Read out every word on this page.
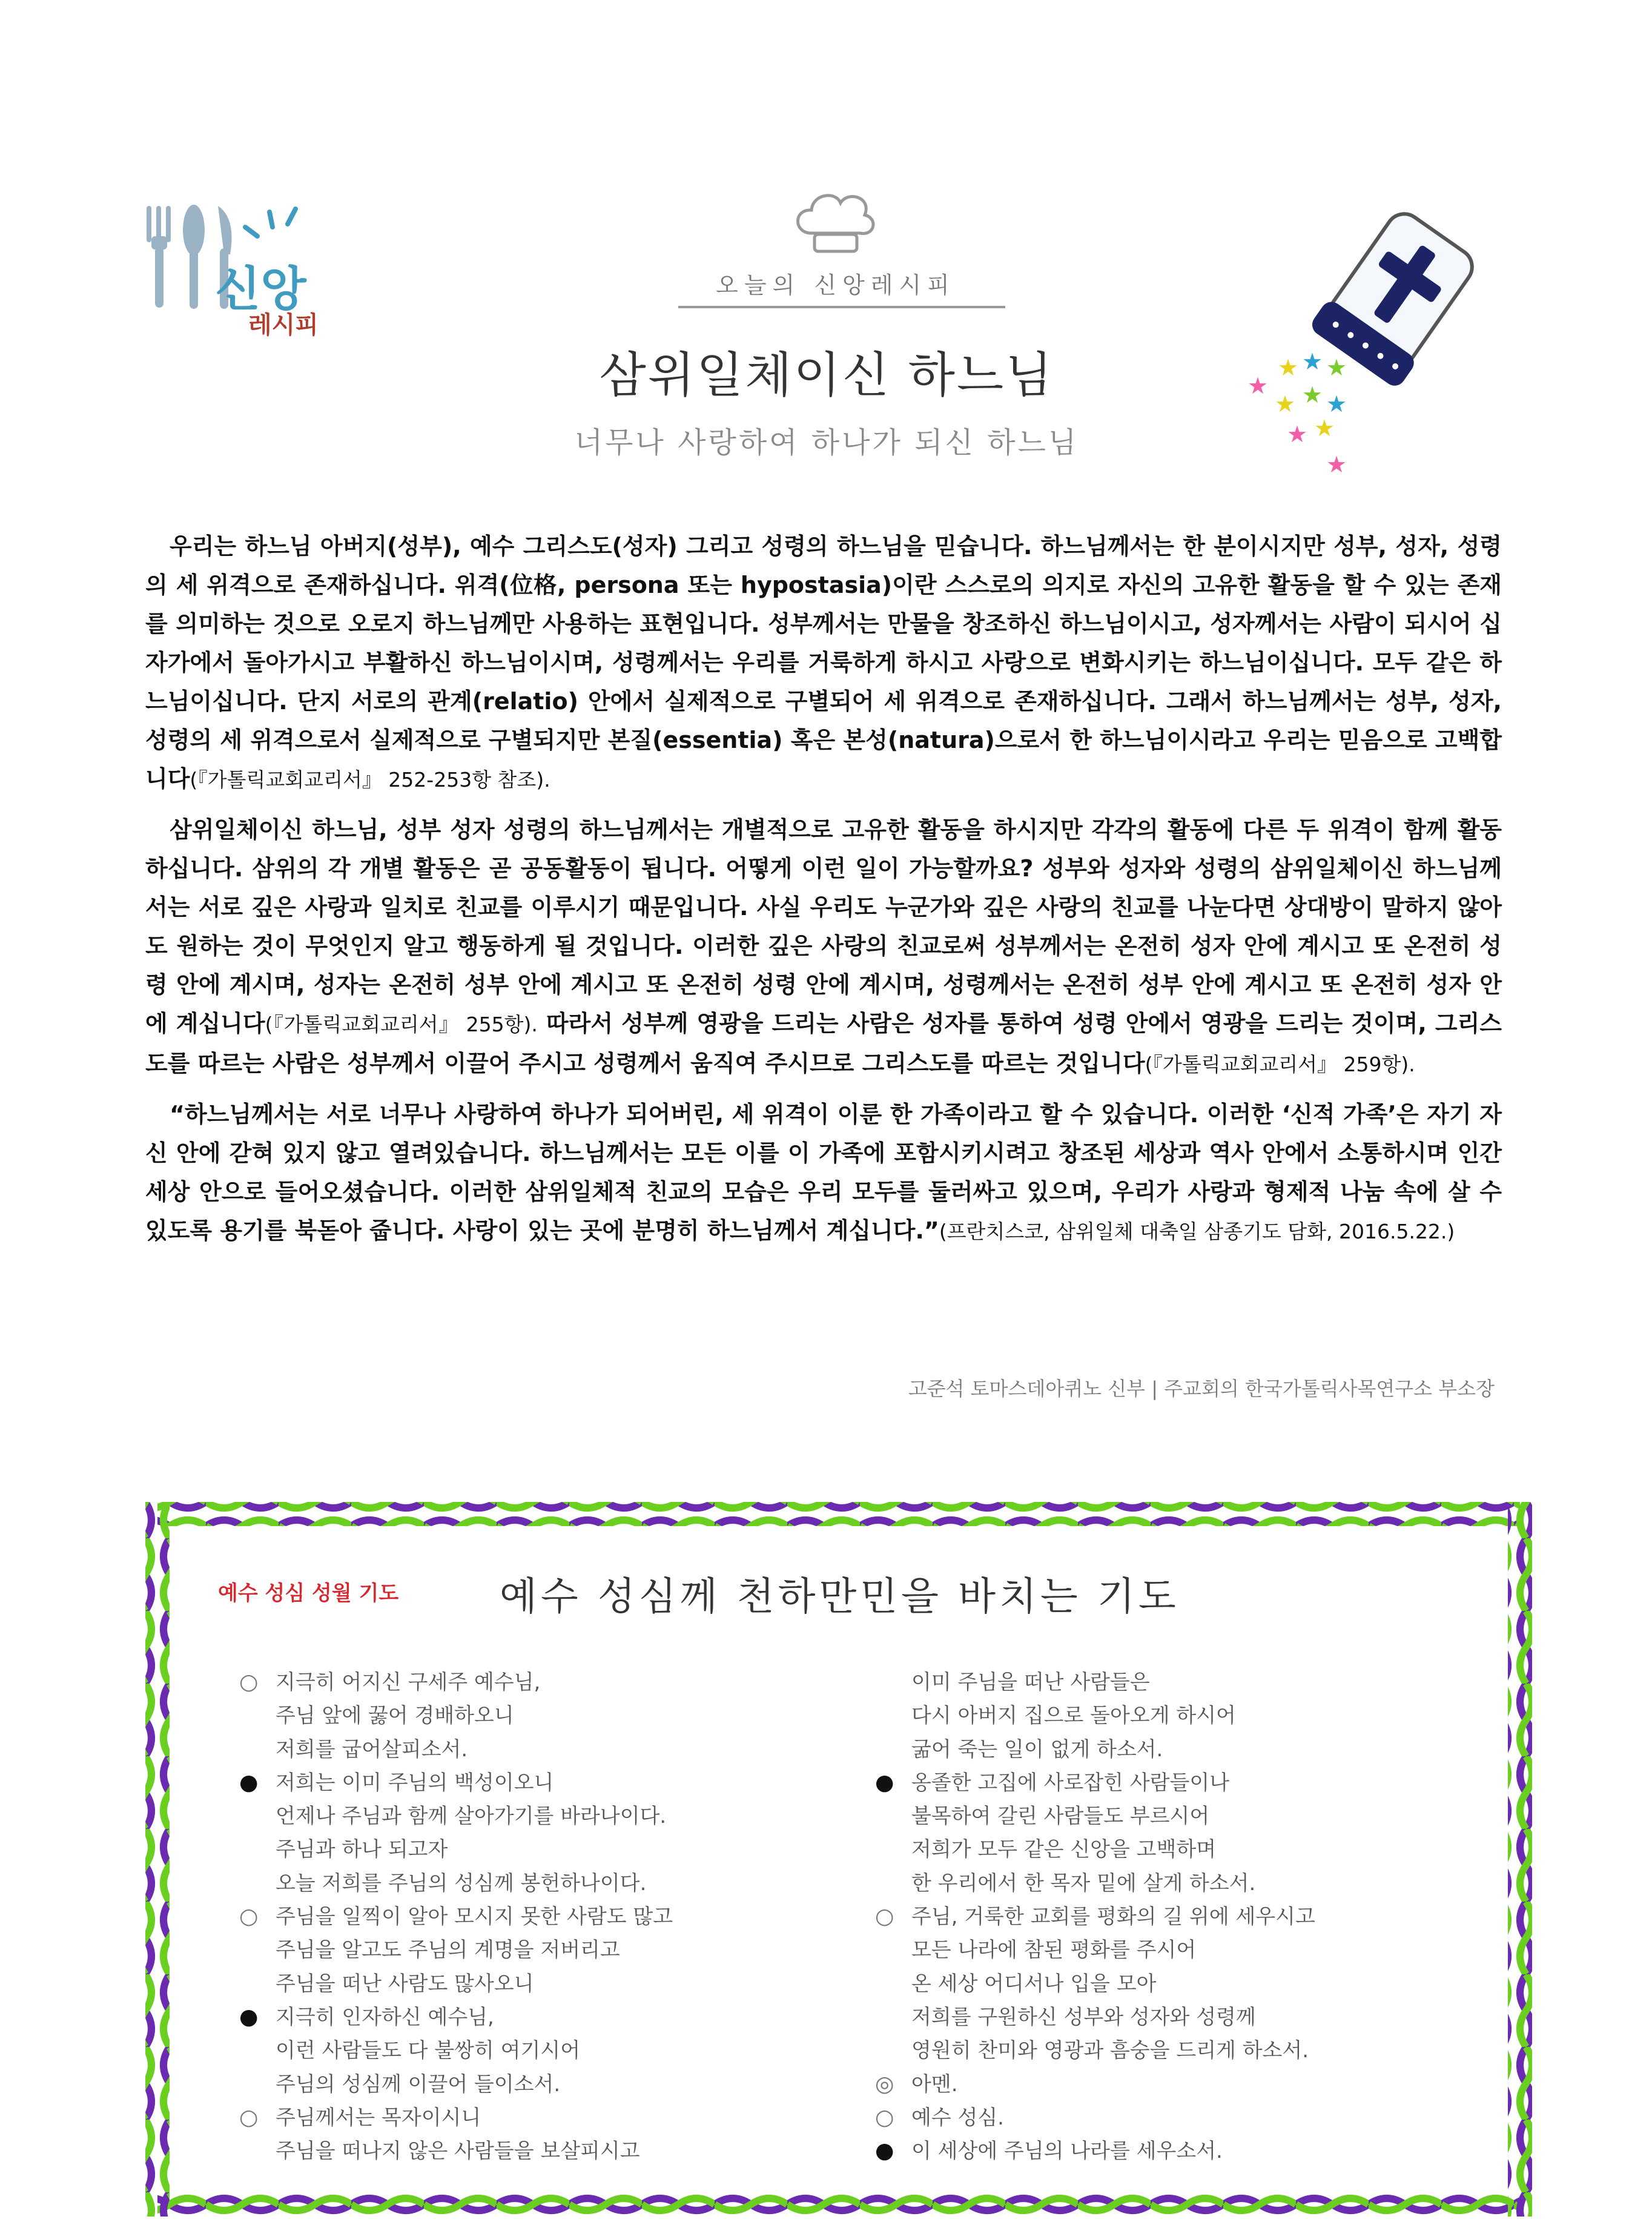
신앙
레시피
오늘의 신앙레시피
삼위일체이신 하느님
너무나 사랑하여 하나가 되신 하느님
★
★ ★ ★
★ ★ ★
★ ★
★

우리는 하느님 아버지(성부), 예수 그리스도(성자) 그리고 성령의 하느님을 믿습니다. 하느님께서는 한 분이시지만 성부, 성자, 성령의 세 위격으로 존재하십니다. 위격(位格, persona 또는 hypostasia)이란 스스로의 의지로 자신의 고유한 활동을 할 수 있는 존재를 의미하는 것으로 오로지 하느님께만 사용하는 표현입니다. 성부께서는 만물을 창조하신 하느님이시고, 성자께서는 사람이 되시어 십자가에서 돌아가시고 부활하신 하느님이시며, 성령께서는 우리를 거룩하게 하시고 사랑으로 변화시키는 하느님이십니다. 모두 같은 하느님이십니다. 단지 서로의 관계(relatio) 안에서 실제적으로 구별되어 세 위격으로 존재하십니다. 그래서 하느님께서는 성부, 성자, 성령의 세 위격으로서 실제적으로 구별되지만 본질(essentia) 혹은 본성(natura)으로서 한 하느님이시라고 우리는 믿음으로 고백합니다(『가톨릭교회교리서』 252-253항 참조).

삼위일체이신 하느님, 성부 성자 성령의 하느님께서는 개별적으로 고유한 활동을 하시지만 각각의 활동에 다른 두 위격이 함께 활동하십니다. 삼위의 각 개별 활동은 곧 공동활동이 됩니다. 어떻게 이런 일이 가능할까요? 성부와 성자와 성령의 삼위일체이신 하느님께서는 서로 깊은 사랑과 일치로 친교를 이루시기 때문입니다. 사실 우리도 누군가와 깊은 사랑의 친교를 나눈다면 상대방이 말하지 않아도 원하는 것이 무엇인지 알고 행동하게 될 것입니다. 이러한 깊은 사랑의 친교로써 성부께서는 온전히 성자 안에 계시고 또 온전히 성령 안에 계시며, 성자는 온전히 성부 안에 계시고 또 온전히 성령 안에 계시며, 성령께서는 온전히 성부 안에 계시고 또 온전히 성자 안에 계십니다(『가톨릭교회교리서』 255항). 따라서 성부께 영광을 드리는 사람은 성자를 통하여 성령 안에서 영광을 드리는 것이며, 그리스도를 따르는 사람은 성부께서 이끌어 주시고 성령께서 움직여 주시므로 그리스도를 따르는 것입니다(『가톨릭교회교리서』 259항).

“하느님께서는 서로 너무나 사랑하여 하나가 되어버린, 세 위격이 이룬 한 가족이라고 할 수 있습니다. 이러한 ‘신적 가족’은 자기 자신 안에 갇혀 있지 않고 열려있습니다. 하느님께서는 모든 이를 이 가족에 포함시키시려고 창조된 세상과 역사 안에서 소통하시며 인간 세상 안으로 들어오셨습니다. 이러한 삼위일체적 친교의 모습은 우리 모두를 둘러싸고 있으며, 우리가 사랑과 형제적 나눔 속에 살 수 있도록 용기를 북돋아 줍니다. 사랑이 있는 곳에 분명히 하느님께서 계십니다.”(프란치스코, 삼위일체 대축일 삼종기도 담화, 2016.5.22.)

고준석 토마스데아퀴노 신부 | 주교회의 한국가톨릭사목연구소 부소장
예수 성심 성월 기도	예수 성심께 천하만민을 바치는 기도
○ 지극히 어지신 구세주 예수님,
주님 앞에 꿇어 경배하오니
저희를 굽어살피소서.
● 저희는 이미 주님의 백성이오니
언제나 주님과 함께 살아가기를 바라나이다.
주님과 하나 되고자
오늘 저희를 주님의 성심께 봉헌하나이다.
○ 주님을 일찍이 알아 모시지 못한 사람도 많고
주님을 알고도 주님의 계명을 저버리고
주님을 떠난 사람도 많사오니
● 지극히 인자하신 예수님,
이런 사람들도 다 불쌍히 여기시어
주님의 성심께 이끌어 들이소서.
○ 주님께서는 목자이시니
주님을 떠나지 않은 사람들을 보살피시고
이미 주님을 떠난 사람들은
다시 아버지 집으로 돌아오게 하시어
굶어 죽는 일이 없게 하소서.
● 옹졸한 고집에 사로잡힌 사람들이나
불목하여 갈린 사람들도 부르시어
저희가 모두 같은 신앙을 고백하며
한 우리에서 한 목자 밑에 살게 하소서.
○ 주님, 거룩한 교회를 평화의 길 위에 세우시고
모든 나라에 참된 평화를 주시어
온 세상 어디서나 입을 모아
저희를 구원하신 성부와 성자와 성령께
영원히 찬미와 영광과 흠숭을 드리게 하소서.
◎ 아멘.
○ 예수 성심.
● 이 세상에 주님의 나라를 세우소서.
